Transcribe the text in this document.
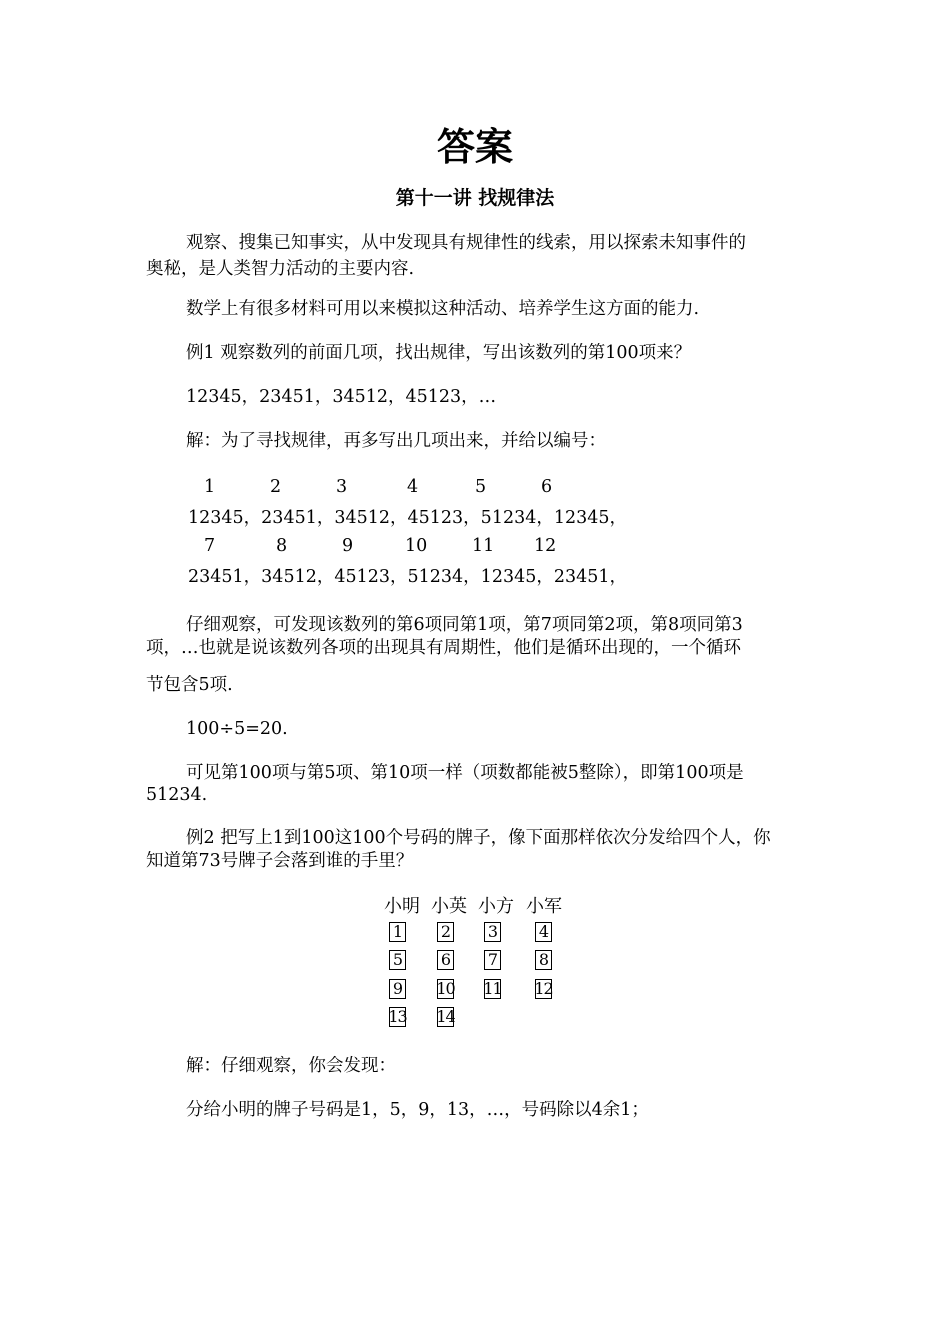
答案
第十一讲 找规律法
观察、搜集已知事实，从中发现具有规律性的线索，用以探索未知事件的
奥秘，是人类智力活动的主要内容.
数学上有很多材料可用以来模拟这种活动、培养学生这方面的能力.
例1 观察数列的前面几项，找出规律，写出该数列的第100项来？
12345，23451，34512，45123，…
解：为了寻找规律，再多写出几项出来，并给以编号：
1	2	3	4	5	6
12345，23451，34512，45123，51234，12345，
7	8	9	10	11 12
23451，34512，45123，51234，12345，23451，
仔细观察，可发现该数列的第6项同第1项，第7项同第2项，第8项同第3
项，…也就是说该数列各项的出现具有周期性，他们是循环出现的，一个循环
节包含5项.
100÷5=20.
可见第100项与第5项、第10项一样（项数都能被5整除），即第100项是
51234.
例2 把写上1到100这100个号码的牌子，像下面那样依次分发给四个人，你
知道第73号牌子会落到谁的手里？
小明 小英 小方 小军
1 2 3	4
5 6 7	8
9 10 11 12
13 14
解：仔细观察，你会发现：
分给小明的牌子号码是1，5，9，13，…，号码除以4余1；
